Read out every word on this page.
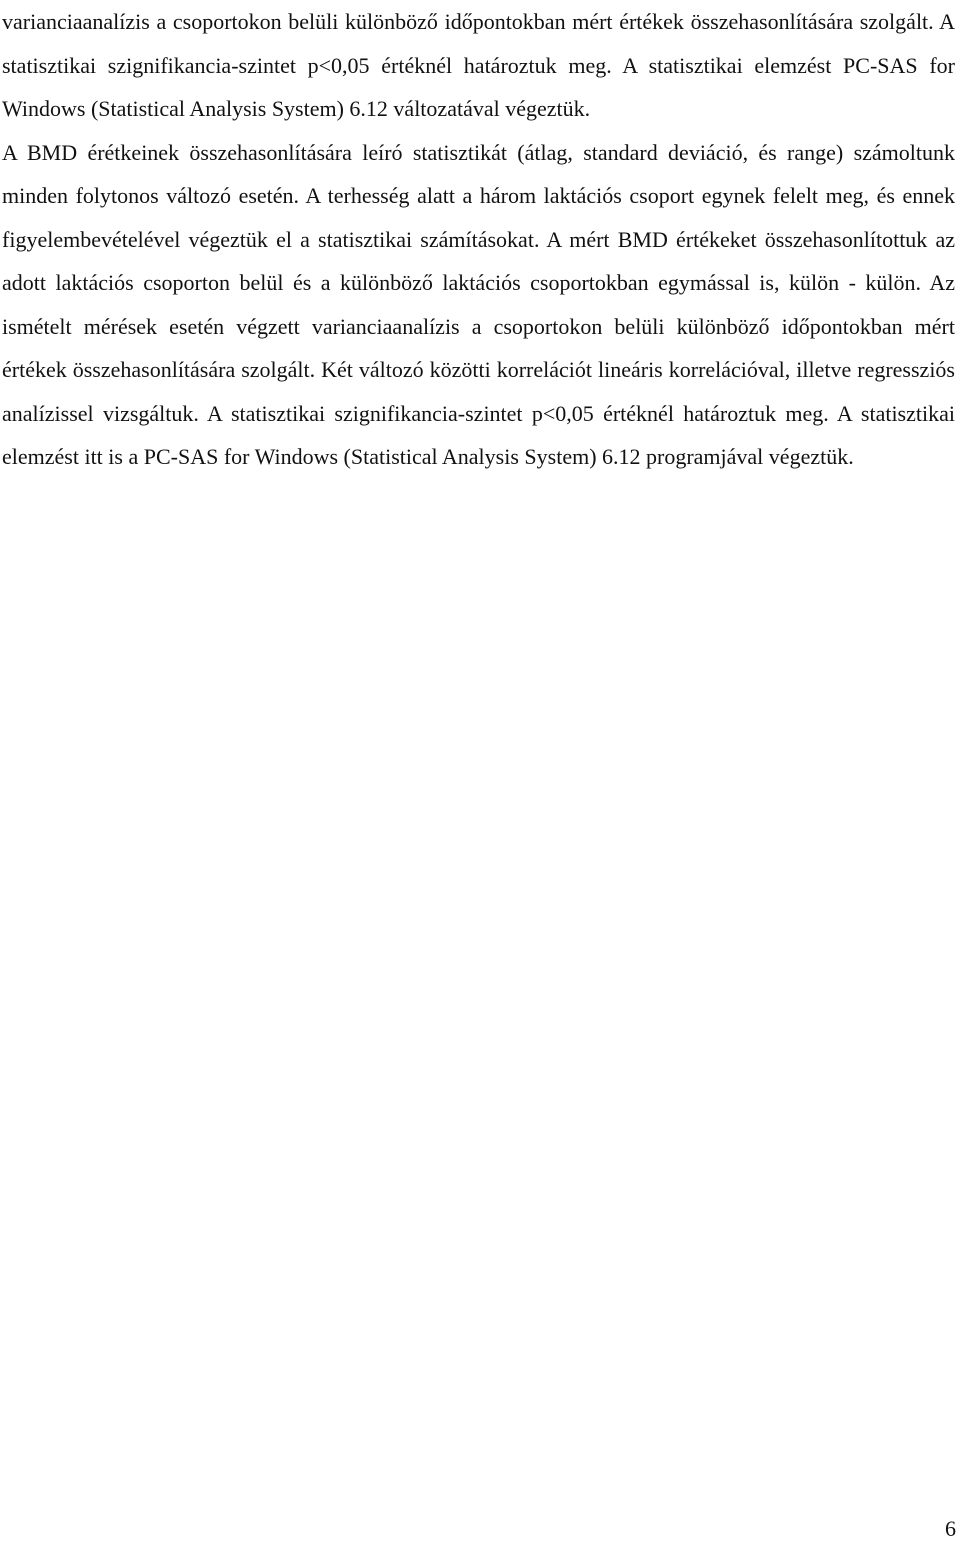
varianciaanalízis a csoportokon belüli különböző időpontokban mért értékek összehasonlítására szolgált. A statisztikai szignifikancia-szintet p<0,05 értéknél határoztuk meg. A statisztikai elemzést PC-SAS for Windows (Statistical Analysis System) 6.12 változatával végeztük.

A BMD érétkeinek összehasonlítására leíró statisztikát (átlag, standard deviáció, és range) számoltunk minden folytonos változó esetén. A terhesség alatt a három laktációs csoport egynek felelt meg, és ennek figyelembevételével végeztük el a statisztikai számításokat. A mért BMD értékeket összehasonlítottuk az adott laktációs csoporton belül és a különböző laktációs csoportokban egymással is, külön - külön. Az ismételt mérések esetén végzett varianciaanalízis a csoportokon belüli különböző időpontokban mért értékek összehasonlítására szolgált. Két változó közötti korrelációt lineáris korrelációval, illetve regressziós analízissel vizsgáltuk. A statisztikai szignifikancia-szintet p<0,05 értéknél határoztuk meg. A statisztikai elemzést itt is a PC-SAS for Windows (Statistical Analysis System) 6.12 programjával végeztük.

6
